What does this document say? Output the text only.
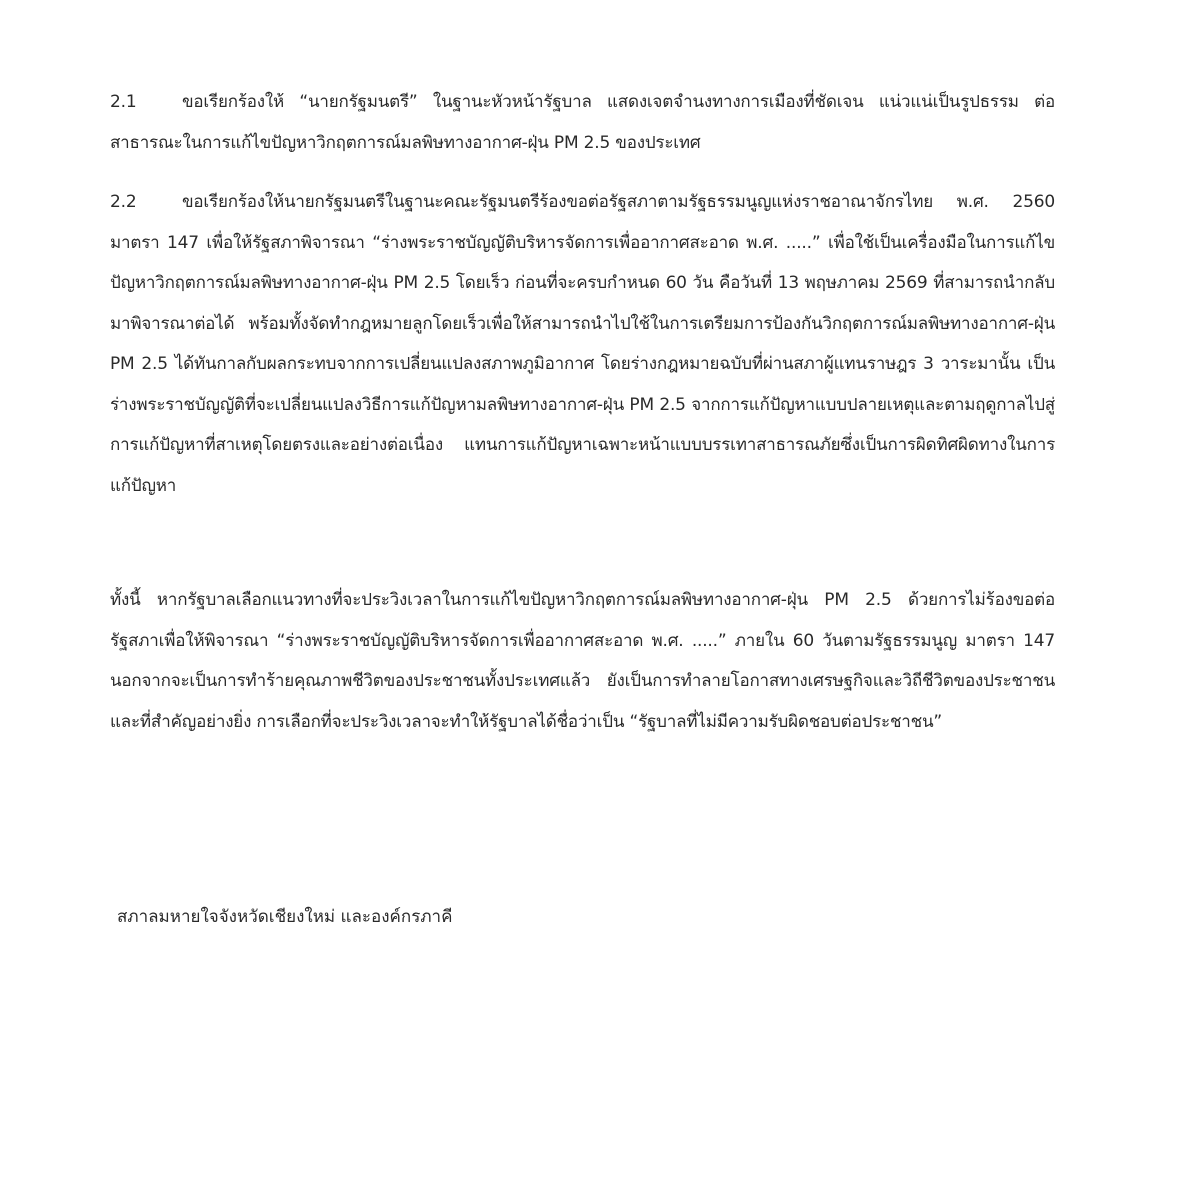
2.1	ขอเรียกร้องให้ “นายกรัฐมนตรี” ในฐานะหัวหน้ารัฐบาล แสดงเจตจำนงทางการเมืองที่ชัดเจน แน่วแน่เป็นรูปธรรม ต่อสาธารณะในการแก้ไขปัญหาวิกฤตการณ์มลพิษทางอากาศ-ฝุ่น PM 2.5 ของประเทศ

2.2	ขอเรียกร้องให้นายกรัฐมนตรีในฐานะคณะรัฐมนตรีร้องขอต่อรัฐสภาตามรัฐธรรมนูญแห่งราชอาณาจักรไทย พ.ศ. 2560 มาตรา 147 เพื่อให้รัฐสภาพิจารณา “ร่างพระราชบัญญัติบริหารจัดการเพื่ออากาศสะอาด พ.ศ. .....” เพื่อใช้เป็นเครื่องมือในการแก้ไขปัญหาวิกฤตการณ์มลพิษทางอากาศ-ฝุ่น PM 2.5 โดยเร็ว ก่อนที่จะครบกำหนด 60 วัน คือวันที่ 13 พฤษภาคม 2569 ที่สามารถนำกลับมาพิจารณาต่อได้ พร้อมทั้งจัดทำกฎหมายลูกโดยเร็วเพื่อให้สามารถนำไปใช้ในการเตรียมการป้องกันวิกฤตการณ์มลพิษทางอากาศ-ฝุ่น PM 2.5 ได้ทันกาลกับผลกระทบจากการเปลี่ยนแปลงสภาพภูมิอากาศ โดยร่างกฎหมายฉบับที่ผ่านสภาผู้แทนราษฎร 3 วาระมานั้น เป็นร่างพระราชบัญญัติที่จะเปลี่ยนแปลงวิธีการแก้ปัญหามลพิษทางอากาศ-ฝุ่น PM 2.5 จากการแก้ปัญหาแบบปลายเหตุและตามฤดูกาลไปสู่การแก้ปัญหาที่สาเหตุโดยตรงและอย่างต่อเนื่อง แทนการแก้ปัญหาเฉพาะหน้าแบบบรรเทาสาธารณภัยซึ่งเป็นการผิดทิศผิดทางในการแก้ปัญหา

ทั้งนี้ หากรัฐบาลเลือกแนวทางที่จะประวิงเวลาในการแก้ไขปัญหาวิกฤตการณ์มลพิษทางอากาศ-ฝุ่น PM 2.5 ด้วยการไม่ร้องขอต่อรัฐสภาเพื่อให้พิจารณา “ร่างพระราชบัญญัติบริหารจัดการเพื่ออากาศสะอาด พ.ศ. .....” ภายใน 60 วันตามรัฐธรรมนูญ มาตรา 147 นอกจากจะเป็นการทำร้ายคุณภาพชีวิตของประชาชนทั้งประเทศแล้ว ยังเป็นการทำลายโอกาสทางเศรษฐกิจและวิถีชีวิตของประชาชน และที่สำคัญอย่างยิ่ง การเลือกที่จะประวิงเวลาจะทำให้รัฐบาลได้ชื่อว่าเป็น “รัฐบาลที่ไม่มีความรับผิดชอบต่อประชาชน”

สภาลมหายใจจังหวัดเชียงใหม่ และองค์กรภาคี
